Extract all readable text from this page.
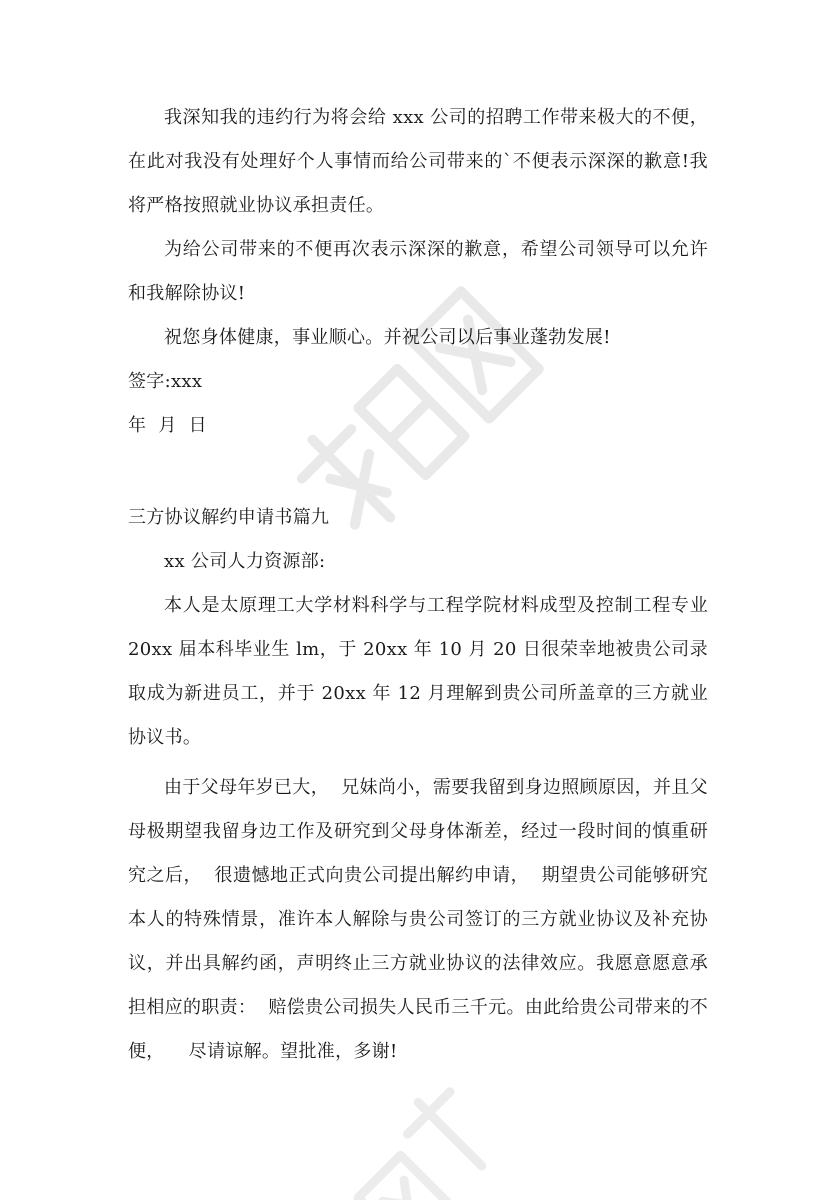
我深知我的违约行为将会给 xxx 公司的招聘工作带来极大的不便，在此对我没有处理好个人事情而给公司带来的`不便表示深深的歉意!我将严格按照就业协议承担责任。

为给公司带来的不便再次表示深深的歉意，希望公司领导可以允许和我解除协议!

祝您身体健康，事业顺心。并祝公司以后事业蓬勃发展!

签字:xxx

年  月  日

三方协议解约申请书篇九

xx 公司人力资源部:

本人是太原理工大学材料科学与工程学院材料成型及控制工程专业 20xx 届本科毕业生 lm，于 20xx 年 10 月 20 日很荣幸地被贵公司录取成为新进员工，并于 20xx 年 12 月理解到贵公司所盖章的三方就业协议书。

由于父母年岁已大，  兄妹尚小，需要我留到身边照顾原因，并且父母极期望我留身边工作及研究到父母身体渐差，经过一段时间的慎重研究之后，  很遗憾地正式向贵公司提出解约申请，  期望贵公司能够研究本人的特殊情景，准许本人解除与贵公司签订的三方就业协议及补充协议，并出具解约函，声明终止三方就业协议的法律效应。我愿意愿意承担相应的职责：  赔偿贵公司损失人民币三千元。由此给贵公司带来的不便，    尽请谅解。望批准，多谢!
